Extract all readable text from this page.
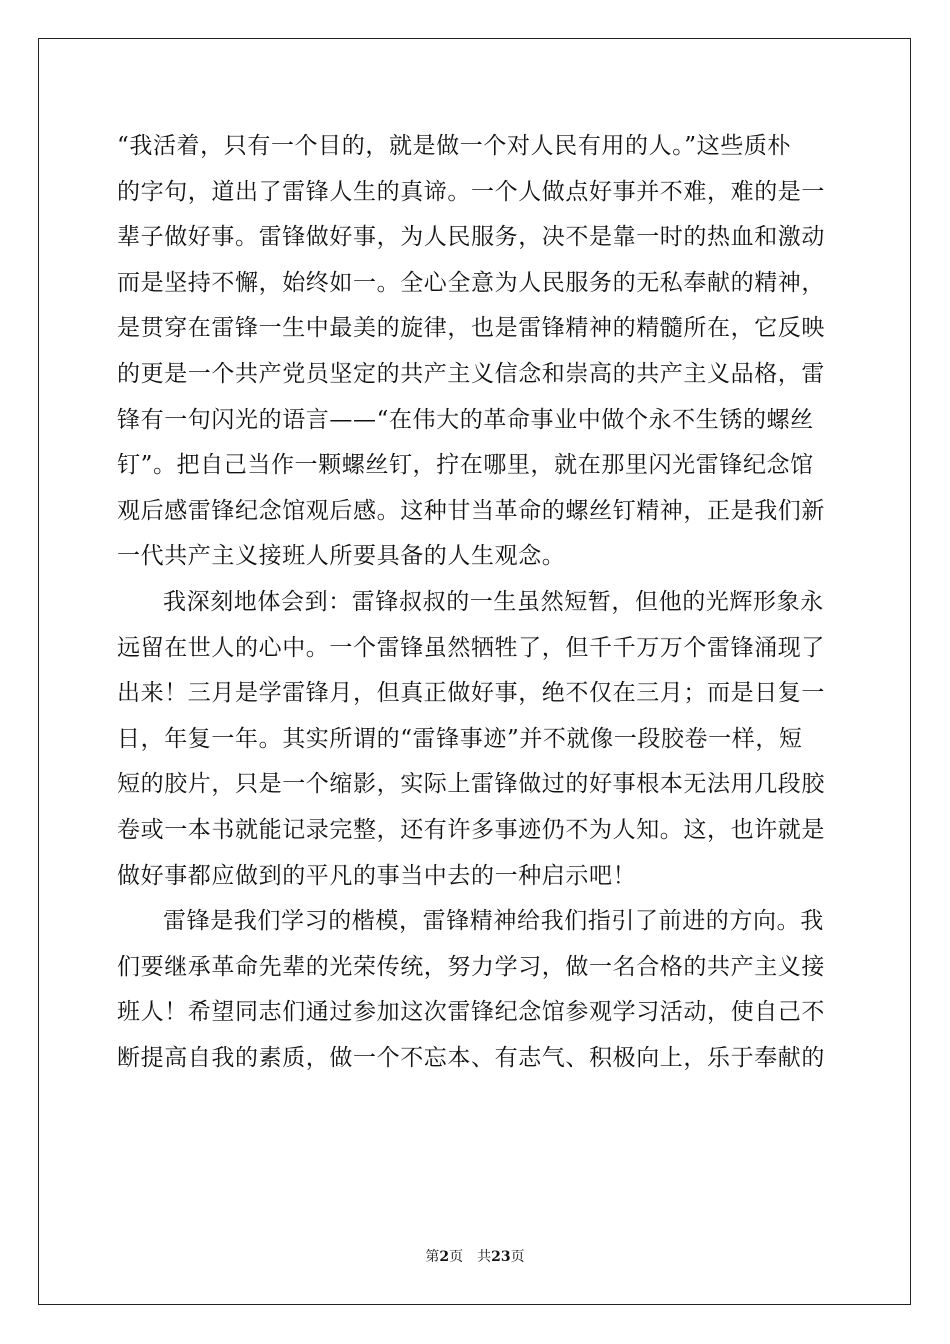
“我活着，只有一个目的，就是做一个对人民有用的人。”这些质朴
的字句，道出了雷锋人生的真谛。一个人做点好事并不难，难的是一
辈子做好事。雷锋做好事，为人民服务，决不是靠一时的热血和激动
而是坚持不懈，始终如一。全心全意为人民服务的无私奉献的精神，
是贯穿在雷锋一生中最美的旋律，也是雷锋精神的精髓所在，它反映
的更是一个共产党员坚定的共产主义信念和崇高的共产主义品格，雷
锋有一句闪光的语言——“在伟大的革命事业中做个永不生锈的螺丝
钉”。把自己当作一颗螺丝钉，拧在哪里，就在那里闪光雷锋纪念馆
观后感雷锋纪念馆观后感。这种甘当革命的螺丝钉精神，正是我们新
一代共产主义接班人所要具备的人生观念。
我深刻地体会到：雷锋叔叔的一生虽然短暂，但他的光辉形象永
远留在世人的心中。一个雷锋虽然牺牲了，但千千万万个雷锋涌现了
出来！三月是学雷锋月，但真正做好事，绝不仅在三月；而是日复一
日，年复一年。其实所谓的“雷锋事迹”并不就像一段胶卷一样，短
短的胶片，只是一个缩影，实际上雷锋做过的好事根本无法用几段胶
卷或一本书就能记录完整，还有许多事迹仍不为人知。这，也许就是
做好事都应做到的平凡的事当中去的一种启示吧！
雷锋是我们学习的楷模，雷锋精神给我们指引了前进的方向。我
们要继承革命先辈的光荣传统，努力学习，做一名合格的共产主义接
班人！希望同志们通过参加这次雷锋纪念馆参观学习活动，使自己不
断提高自我的素质，做一个不忘本、有志气、积极向上，乐于奉献的
第2页 共23页
